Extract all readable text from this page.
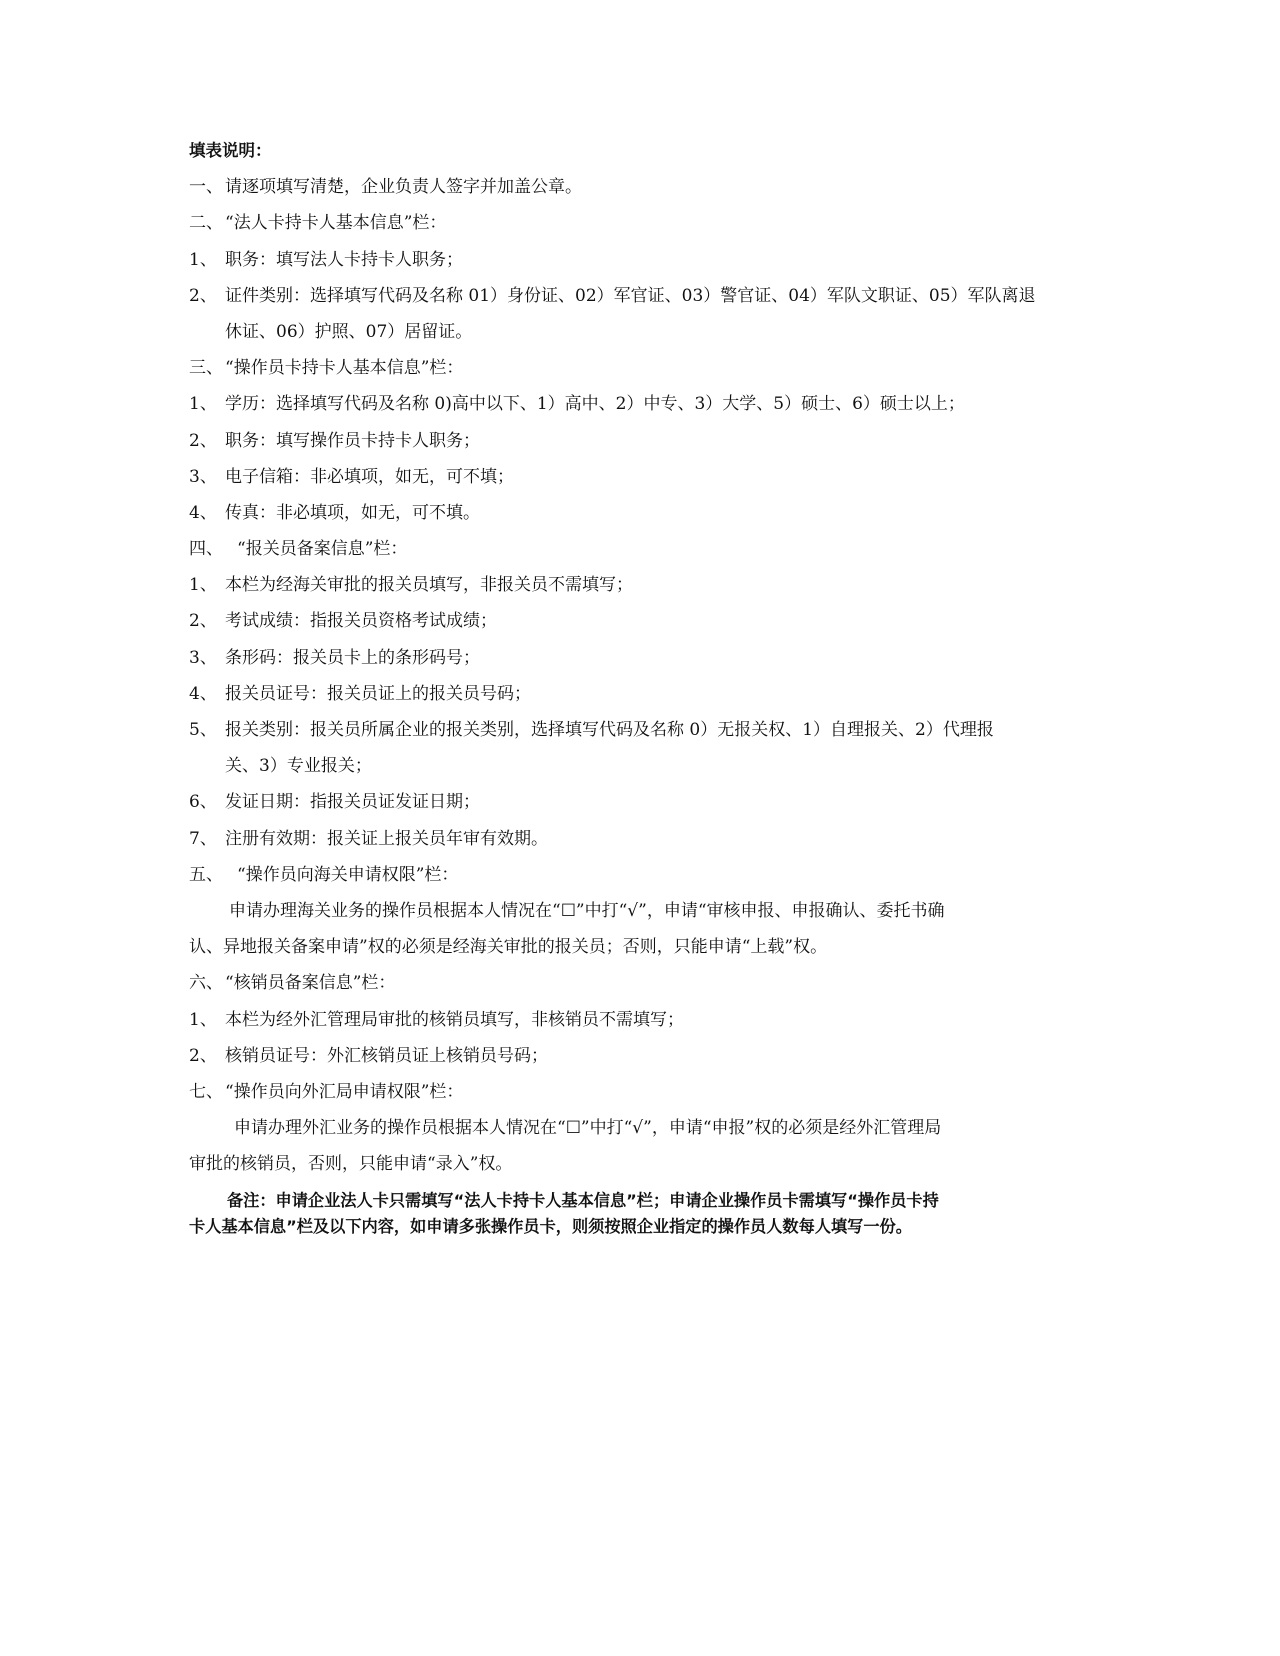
填表说明：
一、 请逐项填写清楚，企业负责人签字并加盖公章。
二、 “法人卡持卡人基本信息”栏：
1、 职务：填写法人卡持卡人职务；
2、 证件类别：选择填写代码及名称 01）身份证、02）军官证、03）警官证、04）军队文职证、05）军队离退
休证、06）护照、07）居留证。
三、 “操作员卡持卡人基本信息”栏：
1、 学历：选择填写代码及名称 0)高中以下、1）高中、2）中专、3）大学、5）硕士、6）硕士以上；
2、 职务：填写操作员卡持卡人职务；
3、 电子信箱：非必填项，如无，可不填；
4、 传真：非必填项，如无，可不填。
四、 “报关员备案信息”栏：
1、 本栏为经海关审批的报关员填写，非报关员不需填写；
2、 考试成绩：指报关员资格考试成绩；
3、 条形码：报关员卡上的条形码号；
4、 报关员证号：报关员证上的报关员号码；
5、 报关类别：报关员所属企业的报关类别，选择填写代码及名称 0）无报关权、1）自理报关、2）代理报
关、3）专业报关；
6、 发证日期：指报关员证发证日期；
7、 注册有效期：报关证上报关员年审有效期。
五、 “操作员向海关申请权限”栏：
申请办理海关业务的操作员根据本人情况在“☐”中打“√”，申请“审核申报、申报确认、委托书确
认、异地报关备案申请”权的必须是经海关审批的报关员；否则，只能申请“上载”权。
六、 “核销员备案信息”栏：
1、 本栏为经外汇管理局审批的核销员填写，非核销员不需填写；
2、 核销员证号：外汇核销员证上核销员号码；
七、 “操作员向外汇局申请权限”栏：
申请办理外汇业务的操作员根据本人情况在“☐”中打“√”，申请“申报”权的必须是经外汇管理局
审批的核销员，否则，只能申请“录入”权。
备注：申请企业法人卡只需填写“法人卡持卡人基本信息”栏；申请企业操作员卡需填写“操作员卡持
卡人基本信息”栏及以下内容，如申请多张操作员卡，则须按照企业指定的操作员人数每人填写一份。
